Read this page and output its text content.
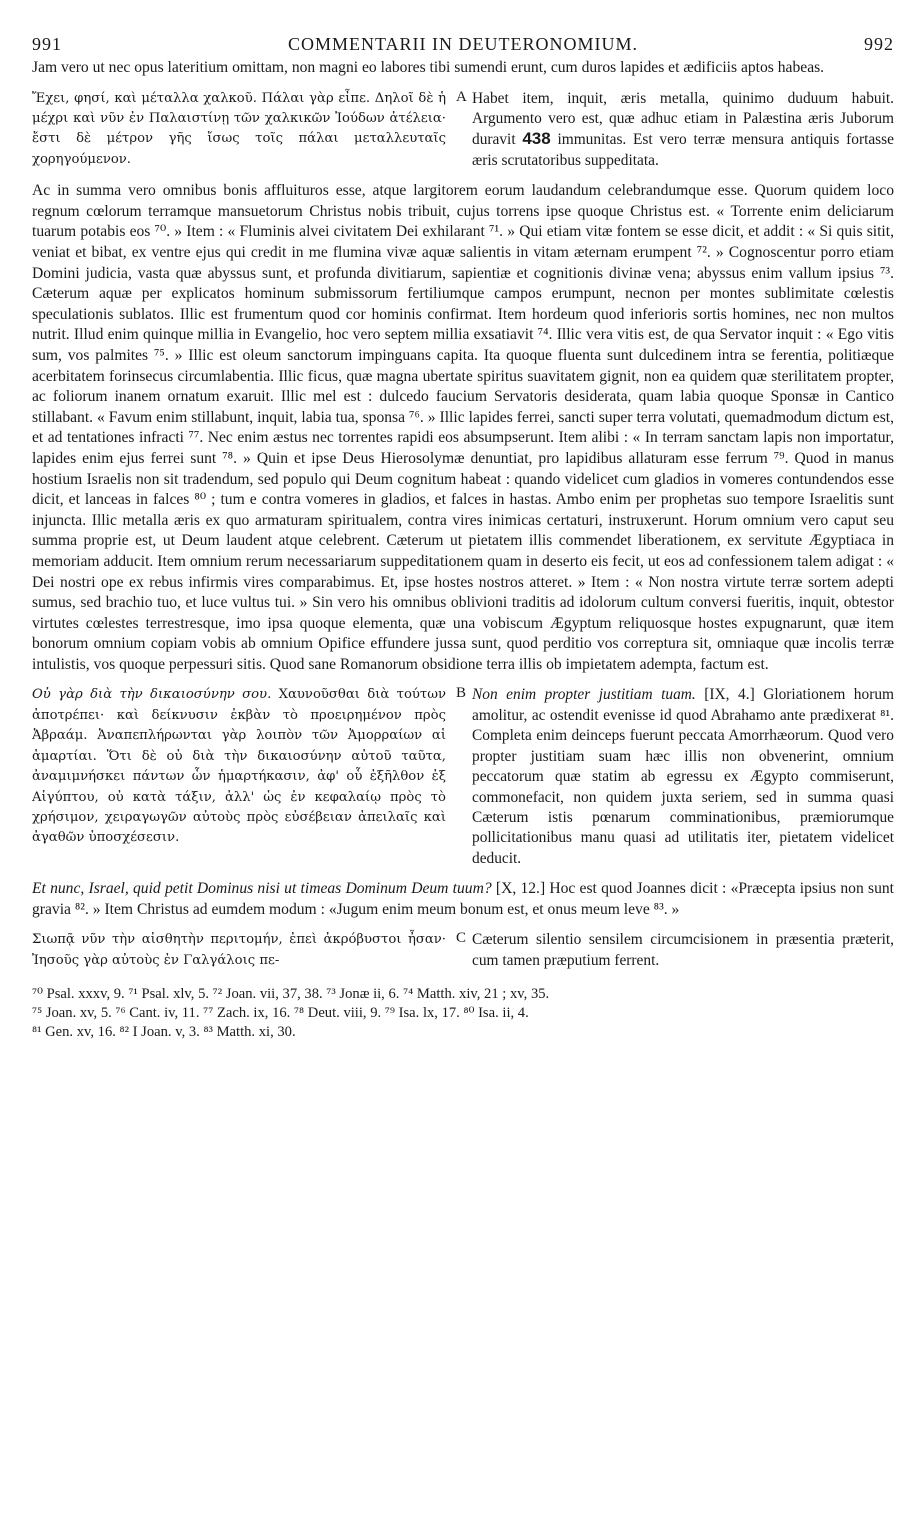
991	COMMENTARII IN DEUTERONOMIUM.	992

Jam vero ut nec opus lateritium omittam, non magni eo labores tibi sumendi erunt, cum duros lapides et ædificiis aptos habeas.

Ἔχει, φησί, καὶ μέταλλα χαλκοῦ. Πάλαι γὰρ εἶπε. Δηλοῖ δὲ ἡ μέχρι καὶ νῦν ἐν Παλαιστίνῃ τῶν χαλκικῶν Ἰούδων ἀτέλεια· ἔστι δὲ μέτρον γῆς ἴσως τοῖς πάλαι μεταλλευταῖς χορηγούμενον.
A Habet item, inquit, æris metalla, quinimo duduum habuit. Argumento vero est, quæ adhuc etiam in Palæstina æris Juborum duravit 438 immunitas. Est vero terræ mensura antiquis fortasse æris scrutatoribus suppeditata.

Ac in summa vero omnibus bonis affluituros esse, atque largitorem eorum laudandum celebrandumque esse. Quorum quidem loco regnum cœlorum terramque mansuetorum Christus nobis tribuit, cujus torrens ipse quoque Christus est. « Torrente enim deliciarum tuarum potabis eos ⁷⁰. » Item : « Fluminis alvei civitatem Dei exhilarant ⁷¹. » Qui etiam vitæ fontem se esse dicit, et addit : « Si quis sitit, veniat et bibat, ex ventre ejus qui credit in me flumina vivæ aquæ salientis in vitam æternam erumpent ⁷². » Cognoscentur porro etiam Domini judicia, vasta quæ abyssus sunt, et profunda divitiarum, sapientiæ et cognitionis divinæ vena; abyssus enim vallum ipsius ⁷³. Cæterum aquæ per explicatos hominum submissorum fertiliumque campos erumpunt, necnon per montes sublimitate cœlestis speculationis sublatos. Illic est frumentum quod cor hominis confirmat. Item hordeum quod inferioris sortis homines, nec non multos nutrit. Illud enim quinque millia in Evangelio, hoc vero septem millia exsatiavit ⁷⁴. Illic vera vitis est, de qua Servator inquit : « Ego vitis sum, vos palmites ⁷⁵. » Illic est oleum sanctorum impinguans capita. Ita quoque fluenta sunt dulcedinem intra se ferentia, politiæque acerbitatem forinsecus circumlabentia. Illic ficus, quæ magna ubertate spiritus suavitatem gignit, non ea quidem quæ sterilitatem propter, ac foliorum inanem ornatum exaruit. Illic mel est : dulcedo faucium Servatoris desiderata, quam labia quoque Sponsæ in Cantico stillabant. « Favum enim stillabunt, inquit, labia tua, sponsa ⁷⁶. » Illic lapides ferrei, sancti super terra volutati, quemadmodum dictum est, et ad tentationes infracti ⁷⁷. Nec enim æstus nec torrentes rapidi eos absumpserunt. Item alibi : « In terram sanctam lapis non importatur, lapides enim ejus ferrei sunt ⁷⁸. » Quin et ipse Deus Hierosolymæ denuntiat, pro lapidibus allaturam esse ferrum ⁷⁹. Quod in manus hostium Israelis non sit tradendum, sed populo qui Deum cognitum habeat : quando videlicet cum gladios in vomeres contundendos esse dicit, et lanceas in falces ⁸⁰ ; tum e contra vomeres in gladios, et falces in hastas. Ambo enim per prophetas suo tempore Israelitis sunt injuncta. Illic metalla æris ex quo armaturam spiritualem, contra vires inimicas certaturi, instruxerunt. Horum omnium vero caput seu summa proprie est, ut Deum laudent atque celebrent. Cæterum ut pietatem illis commendet liberationem, ex servitute Ægyptiaca in memoriam adducit. Item omnium rerum necessariarum suppeditationem quam in deserto eis fecit, ut eos ad confessionem talem adigat : « Dei nostri ope ex rebus infirmis vires comparabimus. Et, ipse hostes nostros atteret. » Item : « Non nostra virtute terræ sortem adepti sumus, sed brachio tuo, et luce vultus tui. » Sin vero his omnibus oblivioni traditis ad idolorum cultum conversi fueritis, inquit, obtestor virtutes cœlestes terrestresque, imo ipsa quoque elementa, quæ una vobiscum Ægyptum reliquosque hostes expugnarunt, quæ item bonorum omnium copiam vobis ab omnium Opifice effundere jussa sunt, quod perditio vos correptura sit, omniaque quæ incolis terræ intulistis, vos quoque perpessuri sitis. Quod sane Romanorum obsidione terra illis ob impietatem adempta, factum est.

Οὐ γὰρ διὰ τὴν δικαιοσύνην σου. Χαυνοῦσθαι διὰ τούτων ἀποτρέπει· καὶ δείκνυσιν ἐκβὰν τὸ προειρημένον πρὸς Ἀβραάμ. Ἀναπεπλήρωνται γὰρ λοιπὸν τῶν Ἀμορραίων αἱ ἁμαρτίαι. Ὅτι δὲ οὐ διὰ τὴν δικαιοσύνην αὐτοῦ ταῦτα, ἀναμιμνήσκει πάντων ὧν ἡμαρτήκασιν, ἀφ' οὗ ἐξῆλθον ἐξ Αἰγύπτου, οὐ κατὰ τάξιν, ἀλλ' ὡς ἐν κεφαλαίῳ πρὸς τὸ χρήσιμον, χειραγωγῶν αὐτοὺς πρὸς εὐσέβειαν ἀπειλαῖς καὶ ἀγαθῶν ὑποσχέσεσιν.
B Non enim propter justitiam tuam. [IX, 4.] Gloriationem horum amolitur, ac ostendit evenisse id quod Abrahamo ante prædixerat ⁸¹. Completa enim deinceps fuerunt peccata Amorrhæorum. Quod vero propter justitiam suam hæc illis non obvenerint, omnium peccatorum quæ statim ab egressu ex Ægypto commiserunt, commonefacit, non quidem juxta seriem, sed in summa quasi Cæterum istis pœnarum comminationibus, præmiorumque pollicitationibus manu quasi ad utilitatis iter, pietatem videlicet deducit.

Et nunc, Israel, quid petit Dominus nisi ut timeas Dominum Deum tuum? [X, 12.] Hoc est quod Joannes dicit : «Præcepta ipsius non sunt gravia ⁸². » Item Christus ad eumdem modum : «Jugum enim meum bonum est, et onus meum leve ⁸³. »

Σιωπᾷ νῦν τὴν αἰσθητὴν περιτομήν, ἐπεὶ ἀκρόβυστοι ἦσαν· Ἰησοῦς γὰρ αὐτοὺς ἐν Γαλγάλοις πε-
C Cæterum silentio sensilem circumcisionem in præsentia præterit, cum tamen præputium ferrent.
⁷⁰ Psal. xxxv, 9. ⁷¹ Psal. xlv, 5. ⁷² Joan. vii, 37, 38. ⁷³ Jonæ ii, 6. ⁷⁴ Matth. xiv, 21 ; xv, 35.
⁷⁵ Joan. xv, 5. ⁷⁶ Cant. iv, 11. ⁷⁷ Zach. ix, 16. ⁷⁸ Deut. viii, 9. ⁷⁹ Isa. lx, 17. ⁸⁰ Isa. ii, 4.
⁸¹ Gen. xv, 16. ⁸² I Joan. v, 3. ⁸³ Matth. xi, 30.
